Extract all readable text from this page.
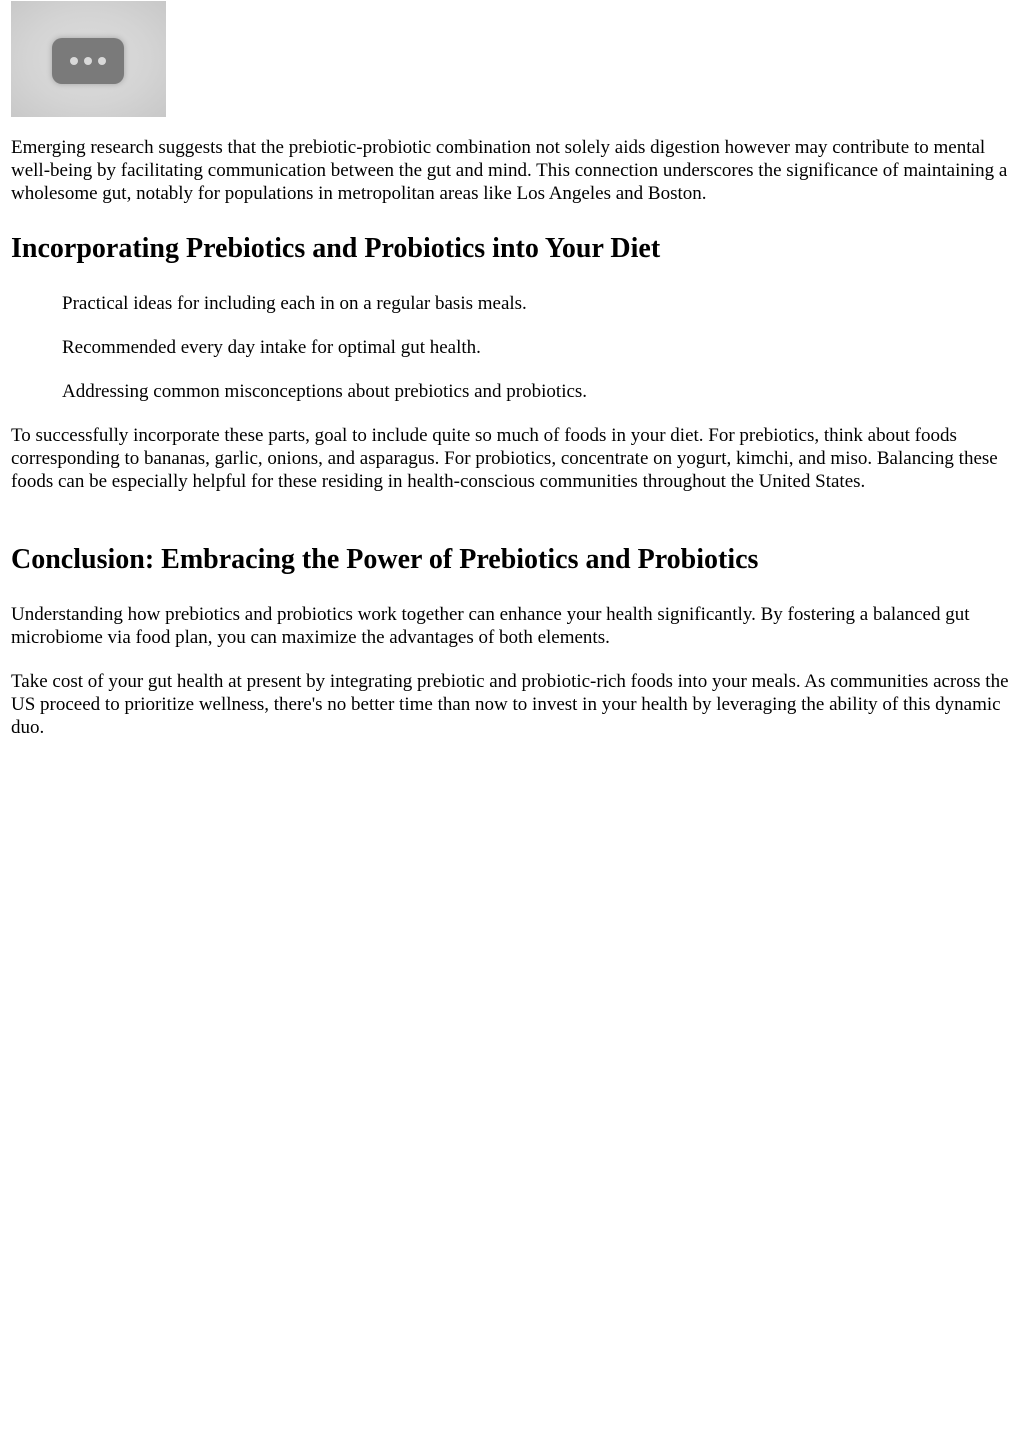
Emerging research suggests that the prebiotic-probiotic combination not solely aids digestion however may contribute to mental well-being by facilitating communication between the gut and mind. This connection underscores the significance of maintaining a wholesome gut, notably for populations in metropolitan areas like Los Angeles and Boston.

Incorporating Prebiotics and Probiotics into Your Diet

Practical ideas for including each in on a regular basis meals.

Recommended every day intake for optimal gut health.

Addressing common misconceptions about prebiotics and probiotics.

To successfully incorporate these parts, goal to include quite so much of foods in your diet. For prebiotics, think about foods corresponding to bananas, garlic, onions, and asparagus. For probiotics, concentrate on yogurt, kimchi, and miso. Balancing these foods can be especially helpful for these residing in health-conscious communities throughout the United States.

Conclusion: Embracing the Power of Prebiotics and Probiotics

Understanding how prebiotics and probiotics work together can enhance your health significantly. By fostering a balanced gut microbiome via food plan, you can maximize the advantages of both elements.

Take cost of your gut health at present by integrating prebiotic and probiotic-rich foods into your meals. As communities across the US proceed to prioritize wellness, there's no better time than now to invest in your health by leveraging the ability of this dynamic duo.
